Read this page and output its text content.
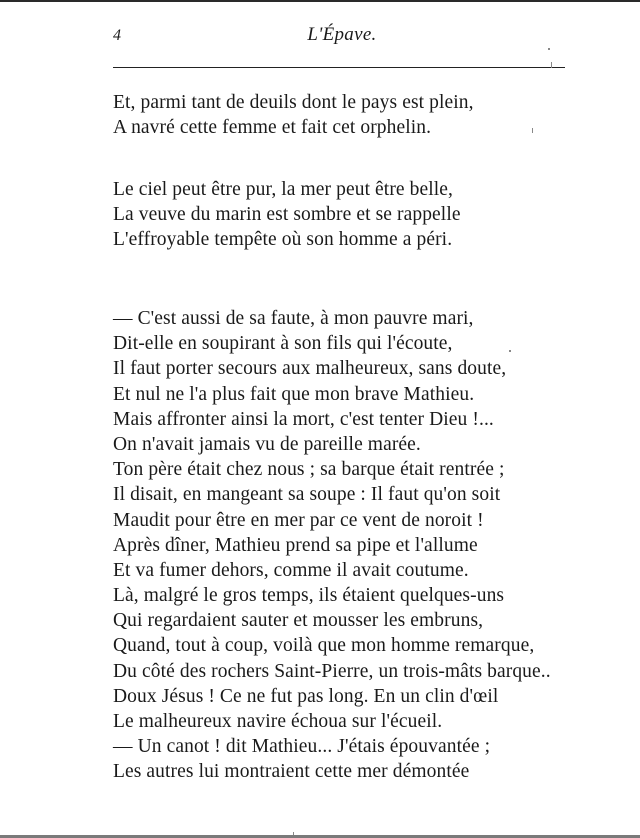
4	L'Épave.
Et, parmi tant de deuils dont le pays est plein,
A navré cette femme et fait cet orphelin.
Le ciel peut être pur, la mer peut être belle,
La veuve du marin est sombre et se rappelle
L'effroyable tempête où son homme a péri.
— C'est aussi de sa faute, à mon pauvre mari,
Dit-elle en soupirant à son fils qui l'écoute,
Il faut porter secours aux malheureux, sans doute,
Et nul ne l'a plus fait que mon brave Mathieu.
Mais affronter ainsi la mort, c'est tenter Dieu !...
On n'avait jamais vu de pareille marée.
Ton père était chez nous ; sa barque était rentrée ;
Il disait, en mangeant sa soupe : Il faut qu'on soit
Maudit pour être en mer par ce vent de noroit !
Après dîner, Mathieu prend sa pipe et l'allume
Et va fumer dehors, comme il avait coutume.
Là, malgré le gros temps, ils étaient quelques-uns
Qui regardaient sauter et mousser les embruns,
Quand, tout à coup, voilà que mon homme remarque,
Du côté des rochers Saint-Pierre, un trois-mâts barque..
Doux Jésus ! Ce ne fut pas long. En un clin d'œil
Le malheureux navire échoua sur l'écueil.
— Un canot ! dit Mathieu... J'étais épouvantée ;
Les autres lui montraient cette mer démontée
